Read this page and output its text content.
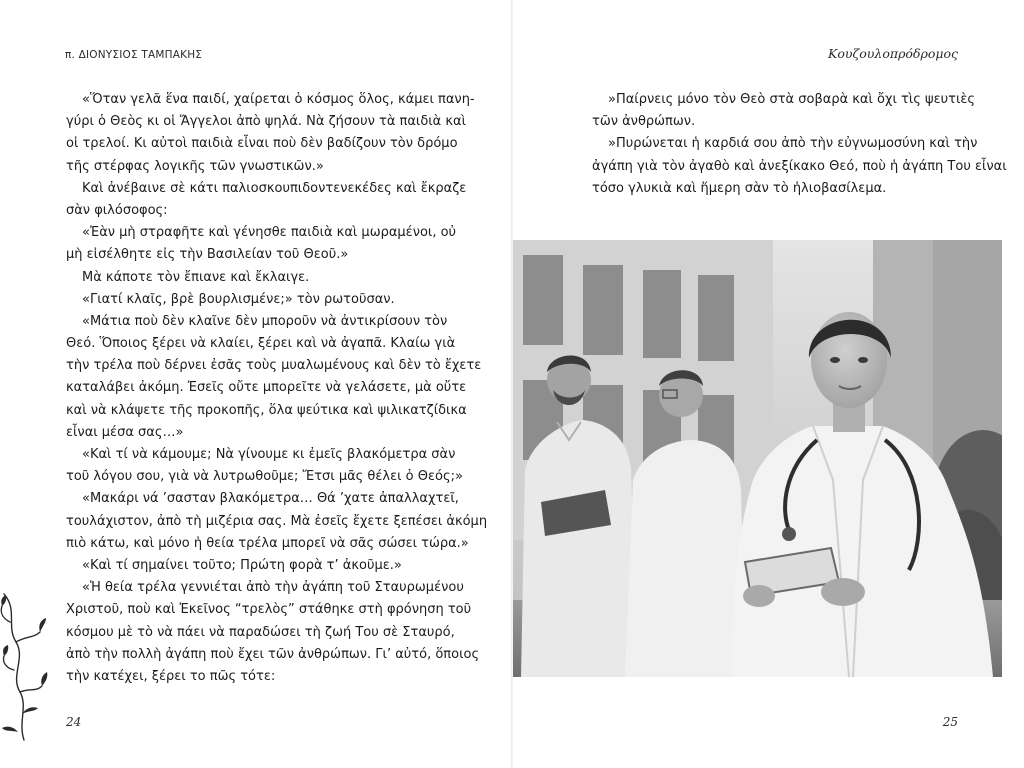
π. ΔΙΟΝΥΣΙΟΣ ΤΑΜΠΑΚΗΣ
«Ὅταν γελᾶ ἕνα παιδί, χαίρεται ὁ κόσμος ὅλος, κάμει πανη-
γύρι ὁ Θεὸς κι οἱ Ἄγγελοι ἀπὸ ψηλά. Νὰ ζήσουν τὰ παιδιὰ καὶ
οἱ τρελοί. Κι αὐτοὶ παιδιὰ εἶναι ποὺ δὲν βαδίζουν τὸν δρόμο
τῆς στέρφας λογικῆς τῶν γνωστικῶν.»
Καὶ ἀνέβαινε σὲ κάτι παλιοσκουπιδοντενεκέδες καὶ ἔκραζε
σὰν φιλόσοφος:
«Ἐὰν μὴ στραφῆτε καὶ γένησθε παιδιὰ καὶ μωραμένοι, οὐ
μὴ εἰσέλθητε εἰς τὴν Βασιλείαν τοῦ Θεοῦ.»
Μὰ κάποτε τὸν ἔπιανε καὶ ἔκλαιγε.
«Γιατί κλαῖς, βρὲ βουρλισμένε;» τὸν ρωτοῦσαν.
«Μάτια ποὺ δὲν κλαῖνε δὲν μποροῦν νὰ ἀντικρίσουν τὸν
Θεό. Ὅποιος ξέρει νὰ κλαίει, ξέρει καὶ νὰ ἀγαπᾶ. Κλαίω γιὰ
τὴν τρέλα ποὺ δέρνει ἐσᾶς τοὺς μυαλωμένους καὶ δὲν τὸ ἔχετε
καταλάβει ἀκόμη. Ἐσεῖς οὔτε μπορεῖτε νὰ γελάσετε, μὰ οὔτε
καὶ νὰ κλάψετε τῆς προκοπῆς, ὅλα ψεύτικα καὶ ψιλικατζίδικα
εἶναι μέσα σας…»
«Καὶ τί νὰ κάμουμε; Νὰ γίνουμε κι ἐμεῖς βλακόμετρα σὰν
τοῦ λόγου σου, γιὰ νὰ λυτρωθοῦμε; Ἔτσι μᾶς θέλει ὁ Θεός;»
«Μακάρι νά ’σασταν βλακόμετρα… Θά ’χατε ἀπαλλαχτεῖ,
τουλάχιστον, ἀπὸ τὴ μιζέρια σας. Μὰ ἐσεῖς ἔχετε ξεπέσει ἀκόμη
πιὸ κάτω, καὶ μόνο ἡ θεία τρέλα μπορεῖ νὰ σᾶς σώσει τώρα.»
«Καὶ τί σημαίνει τοῦτο; Πρώτη φορὰ τ’ ἀκοῦμε.»
«Ἡ θεία τρέλα γεννιέται ἀπὸ τὴν ἀγάπη τοῦ Σταυρωμένου
Χριστοῦ, ποὺ καὶ Ἐκεῖνος “τρελὸς” στάθηκε στὴ φρόνηση τοῦ
κόσμου μὲ τὸ νὰ πάει νὰ παραδώσει τὴ ζωή Του σὲ Σταυρό,
ἀπὸ τὴν πολλὴ ἀγάπη ποὺ ἔχει τῶν ἀνθρώπων. Γι’ αὐτό, ὅποιος
τὴν κατέχει, ξέρει το πῶς τότε:
24
Κουζουλοπρόδρομος
»Παίρνεις μόνο τὸν Θεὸ στὰ σοβαρὰ καὶ ὄχι τὶς ψευτιὲς
τῶν ἀνθρώπων.
»Πυρώνεται ἡ καρδιά σου ἀπὸ τὴν εὐγνωμοσύνη καὶ τὴν
ἀγάπη γιὰ τὸν ἀγαθὸ καὶ ἀνεξίκακο Θεό, ποὺ ἡ ἀγάπη Του εἶναι
τόσο γλυκιὰ καὶ ἥμερη σὰν τὸ ἡλιοβασίλεμα.
25
